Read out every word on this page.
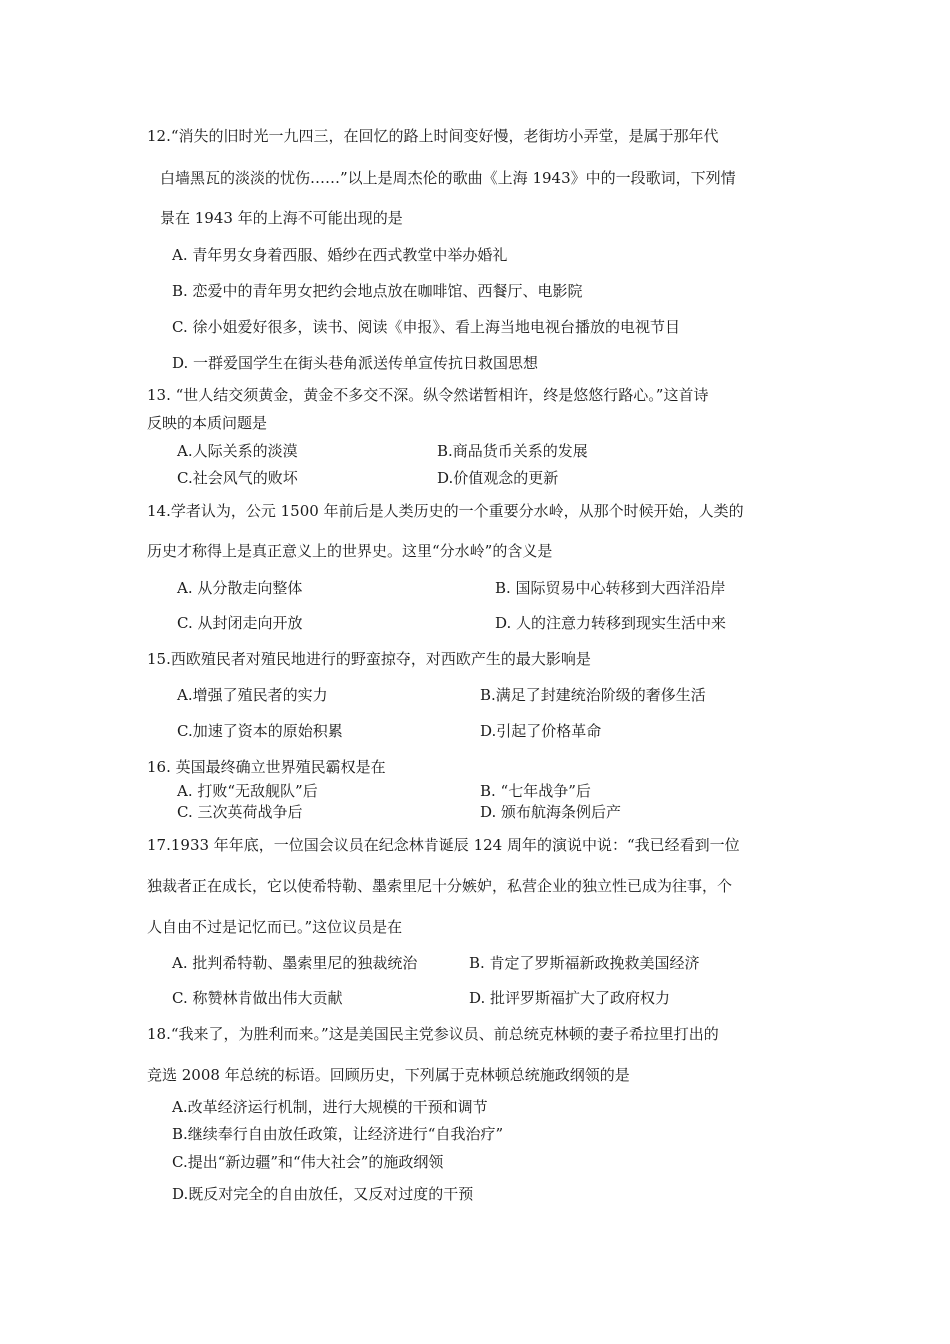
12.“消失的旧时光一九四三，在回忆的路上时间变好慢，老街坊小弄堂，是属于那年代
白墙黑瓦的淡淡的忧伤……”以上是周杰伦的歌曲《上海 1943》中的一段歌词，下列情
景在 1943 年的上海不可能出现的是
A. 青年男女身着西服、婚纱在西式教堂中举办婚礼
B. 恋爱中的青年男女把约会地点放在咖啡馆、西餐厅、电影院
C. 徐小姐爱好很多，读书、阅读《申报》、看上海当地电视台播放的电视节目
D. 一群爱国学生在街头巷角派送传单宣传抗日救国思想
13. “世人结交须黄金，黄金不多交不深。纵令然诺暂相许，终是悠悠行路心。”这首诗
反映的本质问题是
A.人际关系的淡漠	B.商品货币关系的发展
C.社会风气的败坏	D.价值观念的更新
14.学者认为，公元 1500 年前后是人类历史的一个重要分水岭，从那个时候开始，人类的
历史才称得上是真正意义上的世界史。这里“分水岭”的含义是
A. 从分散走向整体	B. 国际贸易中心转移到大西洋沿岸
C. 从封闭走向开放	D. 人的注意力转移到现实生活中来
15.西欧殖民者对殖民地进行的野蛮掠夺，对西欧产生的最大影响是
A.增强了殖民者的实力	B.满足了封建统治阶级的奢侈生活
C.加速了资本的原始积累	D.引起了价格革命
16. 英国最终确立世界殖民霸权是在
A. 打败“无敌舰队”后	B. “七年战争”后
C. 三次英荷战争后	D. 颁布航海条例后产
17.1933 年年底，一位国会议员在纪念林肯诞辰 124 周年的演说中说：“我已经看到一位
独裁者正在成长，它以使希特勒、墨索里尼十分嫉妒，私营企业的独立性已成为往事，个
人自由不过是记忆而已。”这位议员是在
A. 批判希特勒、墨索里尼的独裁统治	B. 肯定了罗斯福新政挽救美国经济
C. 称赞林肯做出伟大贡献	D. 批评罗斯福扩大了政府权力
18.“我来了，为胜利而来。”这是美国民主党参议员、前总统克林顿的妻子希拉里打出的
竞选 2008 年总统的标语。回顾历史，下列属于克林顿总统施政纲领的是
A.改革经济运行机制，进行大规模的干预和调节
B.继续奉行自由放任政策，让经济进行“自我治疗”
C.提出“新边疆”和“伟大社会”的施政纲领
D.既反对完全的自由放任，又反对过度的干预
